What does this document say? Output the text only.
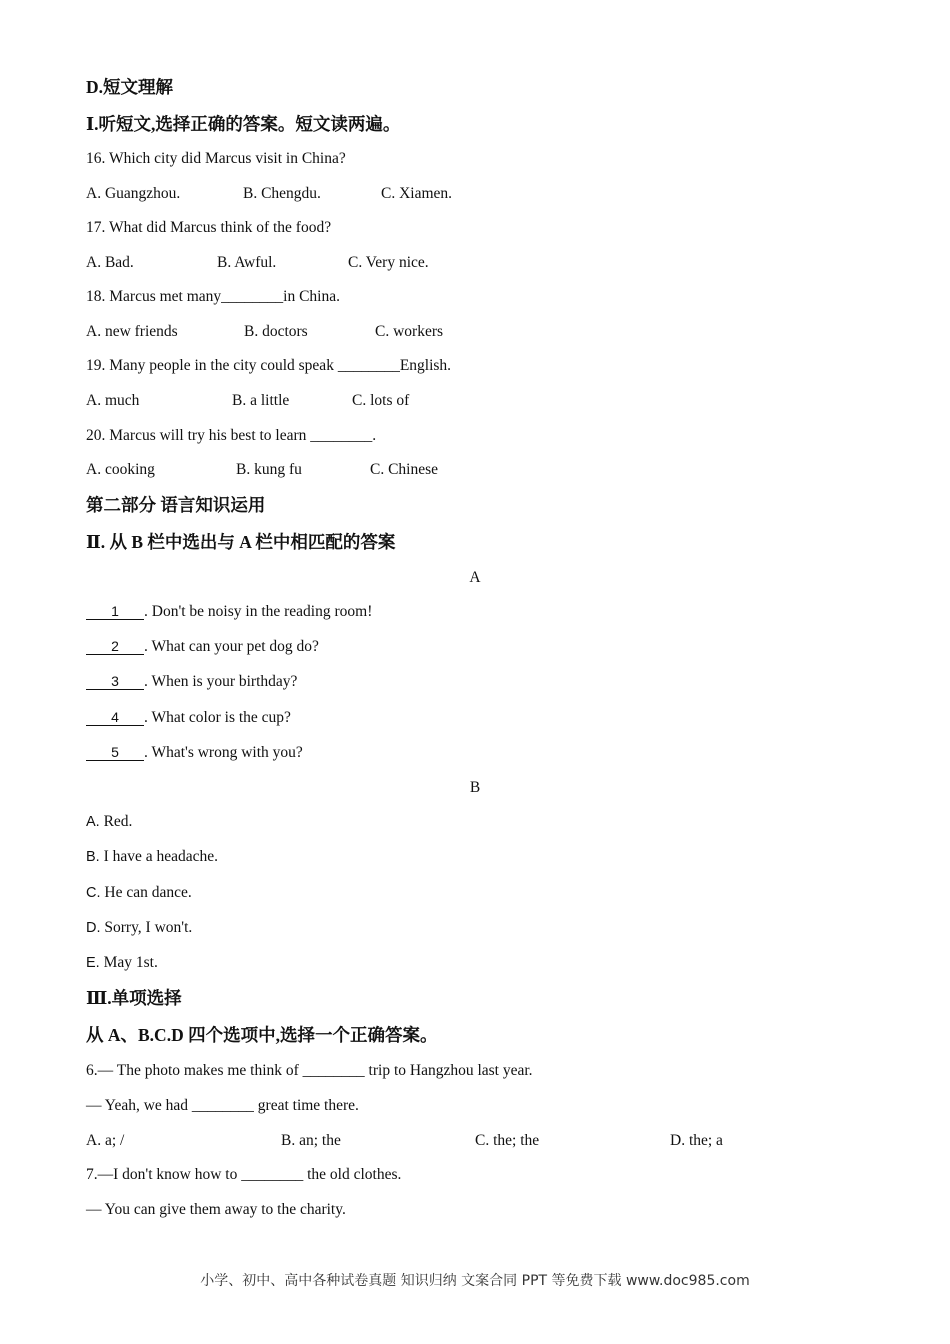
D.短文理解
Ⅰ.听短文,选择正确的答案。短文读两遍。
16. Which city did Marcus visit in China?
A. Guangzhou.	B. Chengdu.	C. Xiamen.
17. What did Marcus think of the food?
A. Bad.	B. Awful.	C. Very nice.
18. Marcus met many________in China.
A. new friends	B. doctors	C. workers
19. Many people in the city could speak ________English.
A. much	B. a little	C. lots of
20. Marcus will try his best to learn ________.
A. cooking	B. kung fu	C. Chinese
第二部分 语言知识运用
Ⅱ. 从 B 栏中选出与 A 栏中相匹配的答案
A
1 . Don't be noisy in the reading room!
2 . What can your pet dog do?
3 . When is your birthday?
4 . What color is the cup?
5 . What's wrong with you?
B
A. Red.
B. I have a headache.
C. He can dance.
D. Sorry, I won't.
E. May 1st.
Ⅲ.单项选择
从 A、B.C.D 四个选项中,选择一个正确答案。
6.— The photo makes me think of ________ trip to Hangzhou last year.
— Yeah, we had ________ great time there.
A. a; /	B. an; the	C. the; the	D. the; a
7.—I don't know how to ________ the old clothes.
— You can give them away to the charity.
小学、初中、高中各种试卷真题 知识归纳 文案合同 PPT 等免费下载 www.doc985.com
